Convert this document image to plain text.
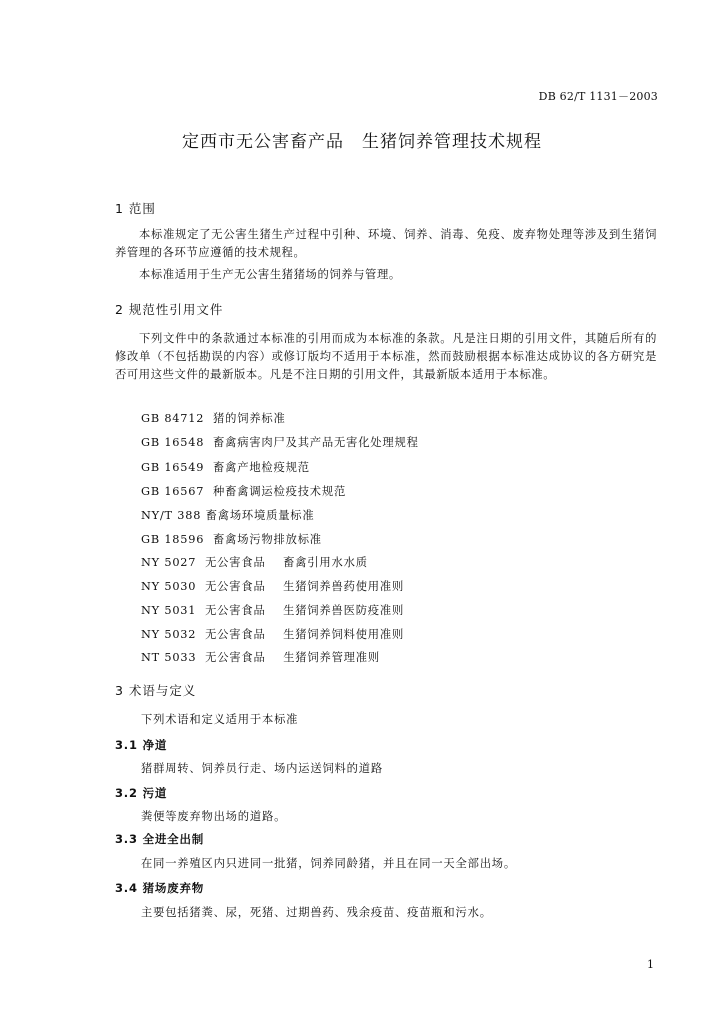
DB 62/T 1131－2003
定西市无公害畜产品　生猪饲养管理技术规程
1 范围
本标准规定了无公害生猪生产过程中引种、环境、饲养、消毒、免疫、废弃物处理等涉及到生猪饲养管理的各环节应遵循的技术规程。
本标准适用于生产无公害生猪猪场的饲养与管理。
2 规范性引用文件
下列文件中的条款通过本标准的引用而成为本标准的条款。凡是注日期的引用文件，其随后所有的修改单（不包括勘误的内容）或修订版均不适用于本标准，然而鼓励根据本标准达成协议的各方研究是否可用这些文件的最新版本。凡是不注日期的引用文件，其最新版本适用于本标准。
GB 84712  猪的饲养标准
GB 16548  畜禽病害肉尸及其产品无害化处理规程
GB 16549  畜禽产地检疫规范
GB 16567  种畜禽调运检疫技术规范
NY/T 388 畜禽场环境质量标准
GB 18596  畜禽场污物排放标准
NY 5027  无公害食品    畜禽引用水水质
NY 5030  无公害食品    生猪饲养兽药使用准则
NY 5031  无公害食品    生猪饲养兽医防疫准则
NY 5032  无公害食品    生猪饲养饲料使用准则
NT 5033  无公害食品    生猪饲养管理准则
3 术语与定义
下列术语和定义适用于本标准
3.1 净道
猪群周转、饲养员行走、场内运送饲料的道路
3.2 污道
粪便等废弃物出场的道路。
3.3 全进全出制
在同一养殖区内只进同一批猪，饲养同龄猪，并且在同一天全部出场。
3.4 猪场废弃物
主要包括猪粪、尿，死猪、过期兽药、残余疫苗、疫苗瓶和污水。
1
